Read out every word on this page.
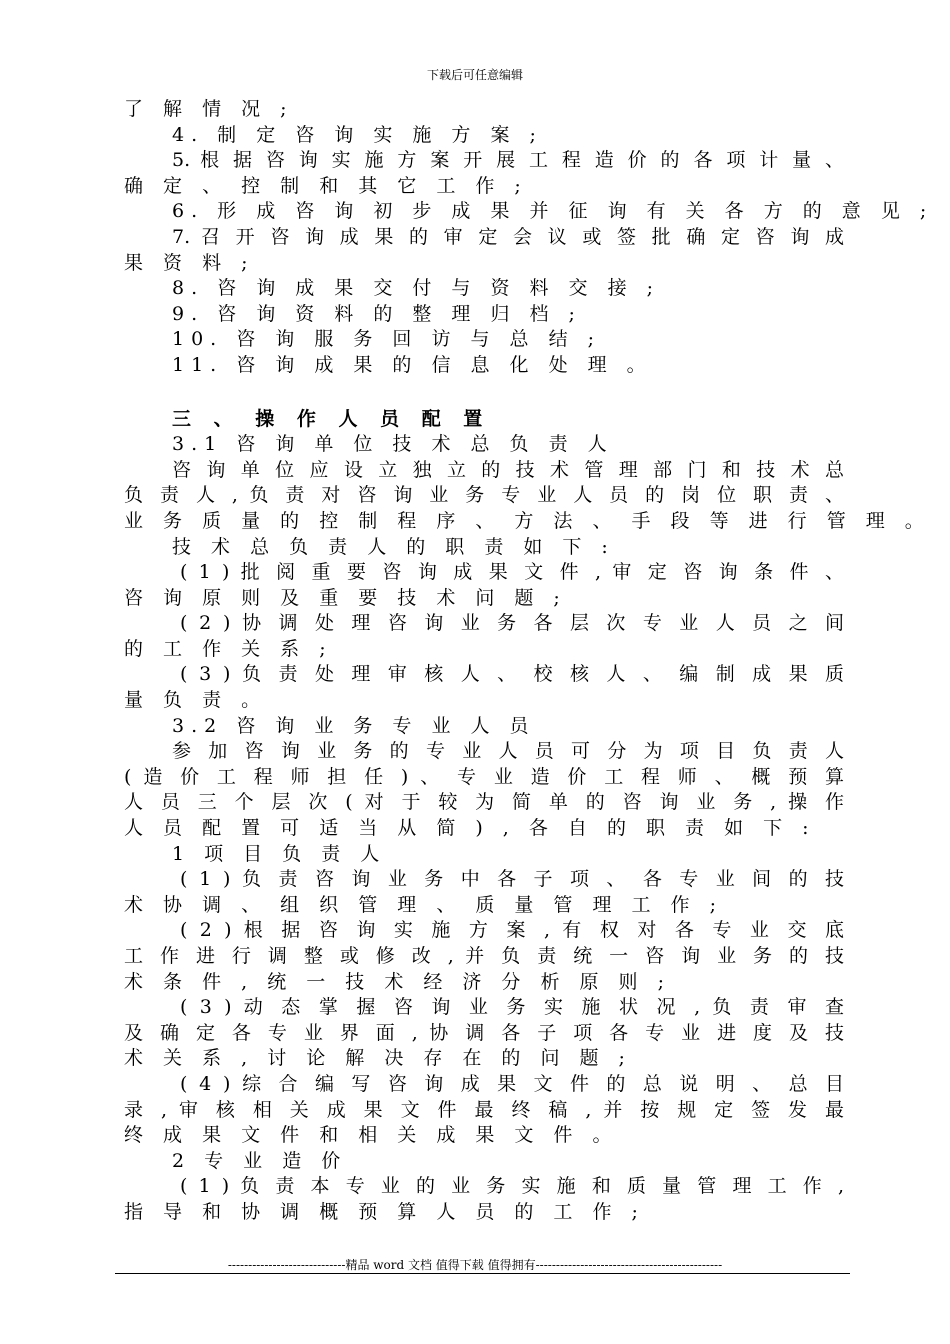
下载后可任意编辑
了 解 情 况 ;
4. 制 定 咨 询 实 施 方 案 ;
5. 根 据 咨 询 实 施 方 案 开 展 工 程 造 价 的 各 项 计 量 、
确 定 、 控 制 和 其 它 工 作 ;
6. 形 成 咨 询 初 步 成 果 并 征 询 有 关 各 方 的 意 见 ;
7. 召 开 咨 询 成 果 的 审 定 会 议 或 签 批 确 定 咨 询 成
果 资 料 ;
8. 咨 询 成 果 交 付 与 资 料 交 接 ;
9. 咨 询 资 料 的 整 理 归 档 ;
10. 咨 询 服 务 回 访 与 总 结 ;
11. 咨 询 成 果 的 信 息 化 处 理 。
三 、 操 作 人 员 配 置
3.1 咨 询 单 位 技 术 总 负 责 人
咨 询 单 位 应 设 立 独 立 的 技 术 管 理 部 门 和 技 术 总
负 责 人 , 负 责 对 咨 询 业 务 专 业 人 员 的 岗 位 职 责 、
业 务 质 量 的 控 制 程 序 、 方 法 、 手 段 等 进 行 管 理 。
技 术 总 负 责 人 的 职 责 如 下 :
( 1 ) 批 阅 重 要 咨 询 成 果 文 件 , 审 定 咨 询 条 件 、
咨 询 原 则 及 重 要 技 术 问 题 ;
( 2 ) 协 调 处 理 咨 询 业 务 各 层 次 专 业 人 员 之 间
的 工 作 关 系 ;
( 3 ) 负 责 处 理 审 核 人 、 校 核 人 、 编 制 成 果 质
量 负 责 。
3.2 咨 询 业 务 专 业 人 员
参 加 咨 询 业 务 的 专 业 人 员 可 分 为 项 目 负 责 人
( 造 价 工 程 师 担 任 ) 、 专 业 造 价 工 程 师 、 概 预 算
人 员 三 个 层 次 ( 对 于 较 为 简 单 的 咨 询 业 务 , 操 作
人 员 配 置 可 适 当 从 简 ) , 各 自 的 职 责 如 下 :
1 项 目 负 责 人
( 1 ) 负 责 咨 询 业 务 中 各 子 项 、 各 专 业 间 的 技
术 协 调 、 组 织 管 理 、 质 量 管 理 工 作 ;
( 2 ) 根 据 咨 询 实 施 方 案 , 有 权 对 各 专 业 交 底
工 作 进 行 调 整 或 修 改 , 并 负 责 统 一 咨 询 业 务 的 技
术 条 件 , 统 一 技 术 经 济 分 析 原 则 ;
( 3 ) 动 态 掌 握 咨 询 业 务 实 施 状 况 , 负 责 审 查
及 确 定 各 专 业 界 面 , 协 调 各 子 项 各 专 业 进 度 及 技
术 关 系 , 讨 论 解 决 存 在 的 问 题 ;
( 4 ) 综 合 编 写 咨 询 成 果 文 件 的 总 说 明 、 总 目
录 , 审 核 相 关 成 果 文 件 最 终 稿 , 并 按 规 定 签 发 最
终 成 果 文 件 和 相 关 成 果 文 件 。
2 专 业 造 价
( 1 ) 负 责 本 专 业 的 业 务 实 施 和 质 量 管 理 工 作 ,
指 导 和 协 调 概 预 算 人 员 的 工 作 ;
-----------------------------精品 word 文档 值得下载 值得拥有----------------------------------------------
